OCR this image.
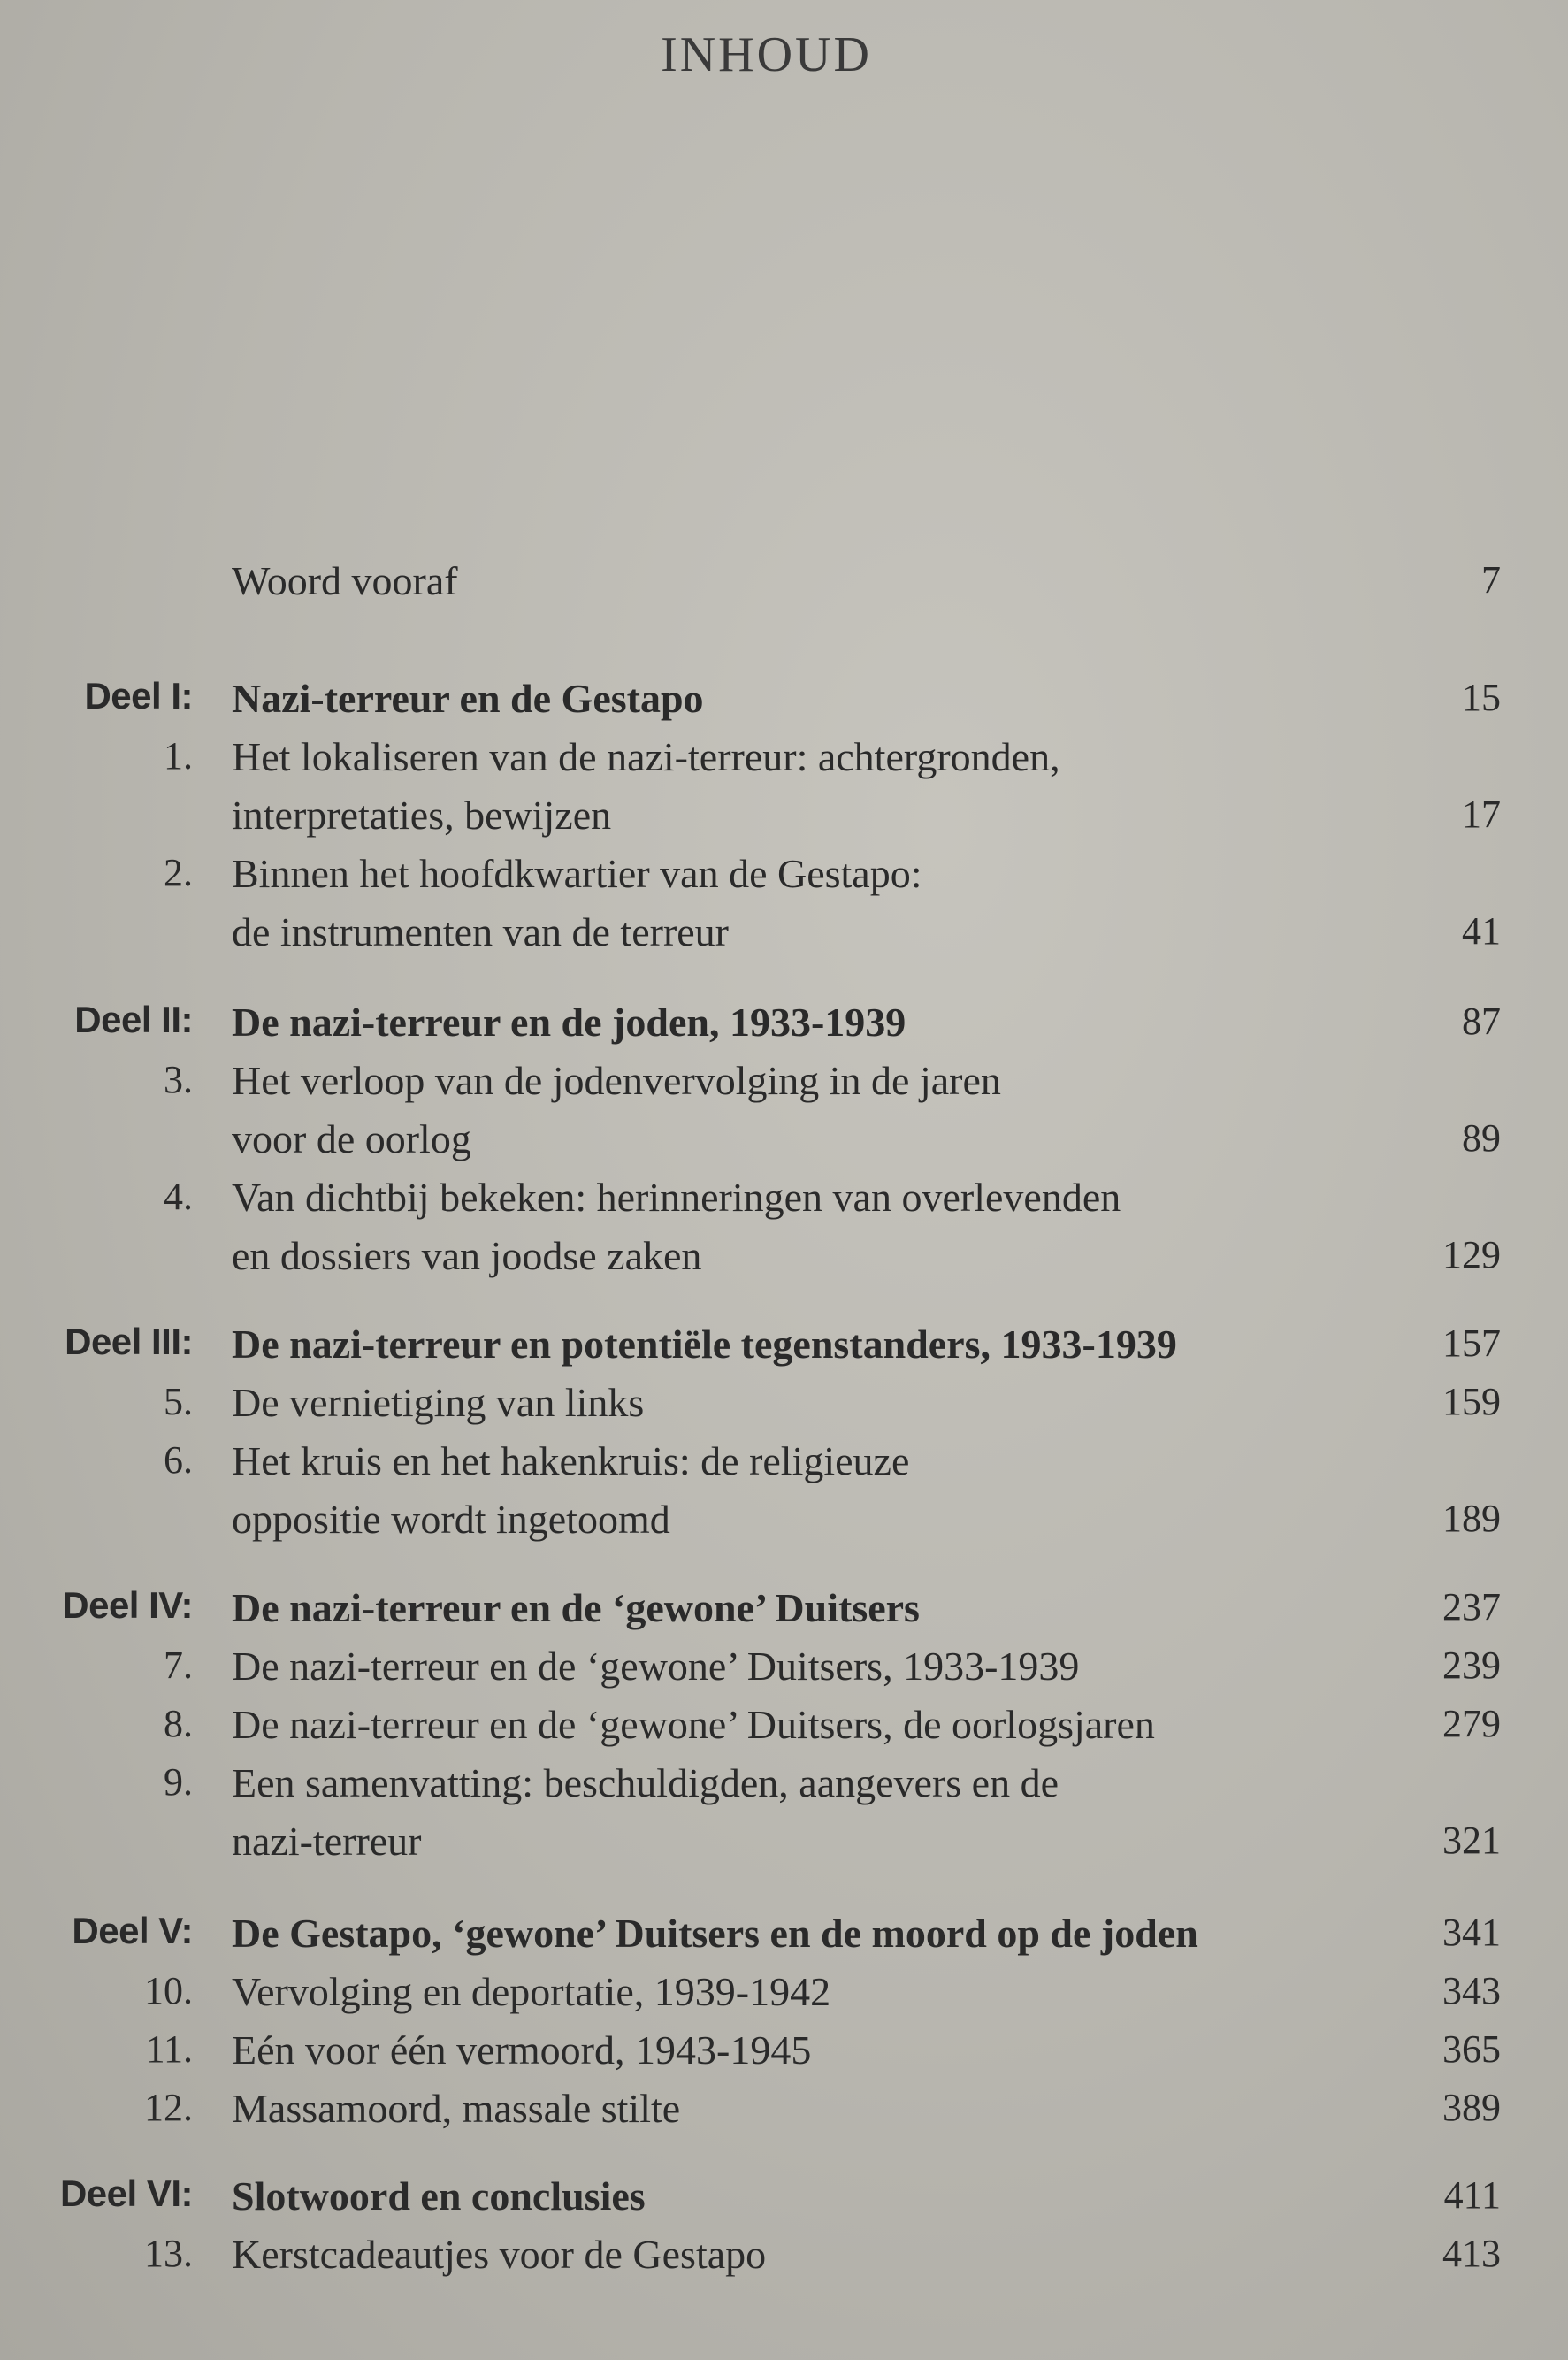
INHOUD
Woord vooraf	7
Deel I: Nazi-terreur en de Gestapo	15
1. Het lokaliseren van de nazi-terreur: achtergronden,
interpretaties, bewijzen	17
2. Binnen het hoofdkwartier van de Gestapo:
de instrumenten van de terreur	41
Deel II: De nazi-terreur en de joden, 1933-1939	87
3. Het verloop van de jodenvervolging in de jaren
voor de oorlog	89
4. Van dichtbij bekeken: herinneringen van overlevenden
en dossiers van joodse zaken	129
Deel III: De nazi-terreur en potentiële tegenstanders, 1933-1939	157
5. De vernietiging van links	159
6. Het kruis en het hakenkruis: de religieuze
oppositie wordt ingetoomd	189
Deel IV: De nazi-terreur en de ‘gewone’ Duitsers	237
7. De nazi-terreur en de ‘gewone’ Duitsers, 1933-1939	239
8. De nazi-terreur en de ‘gewone’ Duitsers, de oorlogsjaren	279
9. Een samenvatting: beschuldigden, aangevers en de
nazi-terreur	321
Deel V: De Gestapo, ‘gewone’ Duitsers en de moord op de joden	341
10. Vervolging en deportatie, 1939-1942	343
11. Eén voor één vermoord, 1943-1945	365
12. Massamoord, massale stilte	389
Deel VI: Slotwoord en conclusies	411
13. Kerstcadeautjes voor de Gestapo	413
